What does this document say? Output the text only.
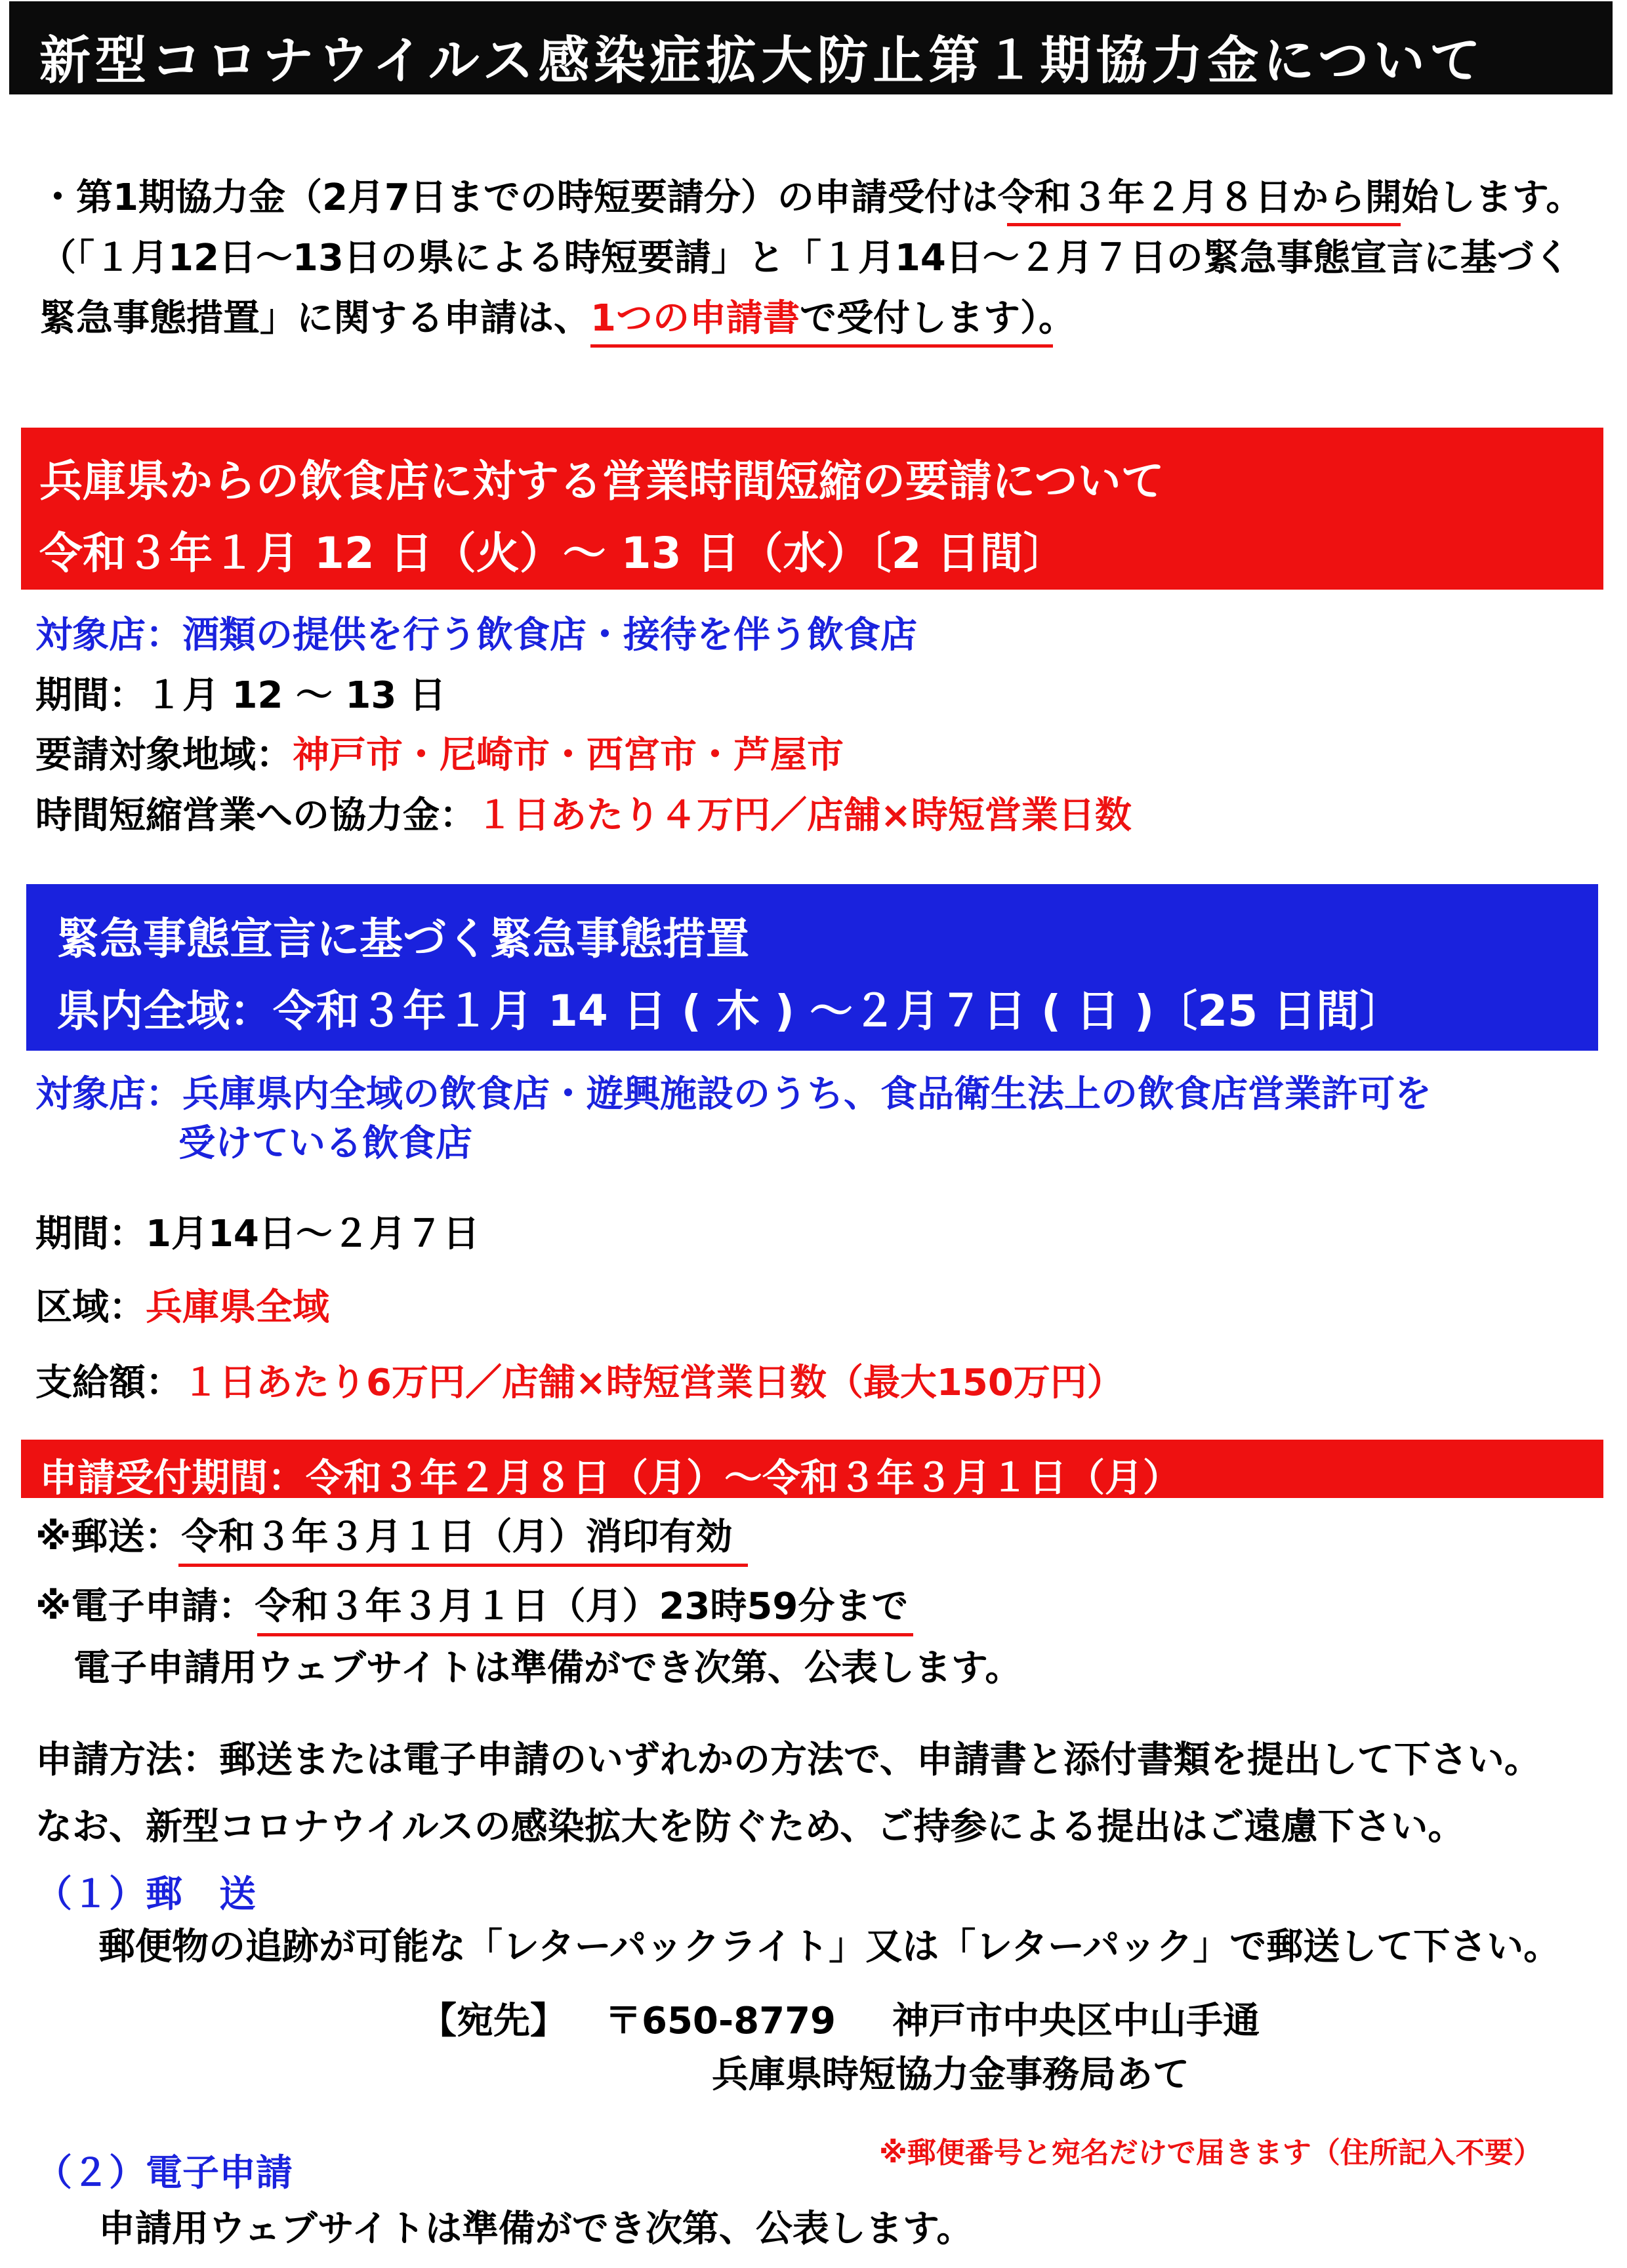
新型コロナウイルス感染症拡大防止第１期協力金について
・第1期協力金（2月7日までの時短要請分）の申請受付は令和３年２月８日から開始します。
（「１月12日～13日の県による時短要請」と「１月14日～２月７日の緊急事態宣言に基づく
緊急事態措置」に関する申請は、1つの申請書で受付します）。
兵庫県からの飲食店に対する営業時間短縮の要請について
令和３年１月 12 日（火）～ 13 日（水）〔2 日間〕
対象店：酒類の提供を行う飲食店・接待を伴う飲食店
期間：１月 12 ～ 13 日
要請対象地域：神戸市・尼崎市・西宮市・芦屋市
時間短縮営業への協力金：１日あたり４万円／店舗×時短営業日数
緊急事態宣言に基づく緊急事態措置
県内全域：令和３年１月 14 日 ( 木 ) ～２月７日 ( 日 )〔25 日間〕
対象店：兵庫県内全域の飲食店・遊興施設のうち、食品衛生法上の飲食店営業許可を
受けている飲食店
期間：1月14日～２月７日
区域：兵庫県全域
支給額：１日あたり6万円／店舗×時短営業日数（最大150万円）
申請受付期間：令和３年２月８日（月）～令和３年３月１日（月）
※郵送：令和３年３月１日（月）消印有効
※電子申請：令和３年３月１日（月）23時59分まで
電子申請用ウェブサイトは準備ができ次第、公表します。
申請方法：郵送または電子申請のいずれかの方法で、申請書と添付書類を提出して下さい。
なお、新型コロナウイルスの感染拡大を防ぐため、ご持参による提出はご遠慮下さい。
（１）郵　送
郵便物の追跡が可能な「レターパックライト」又は「レターパック」で郵送して下さい。
【宛先】 〒650-8779 神戸市中央区中山手通
兵庫県時短協力金事務局あて
※郵便番号と宛名だけで届きます（住所記入不要）
（２）電子申請
申請用ウェブサイトは準備ができ次第、公表します。
